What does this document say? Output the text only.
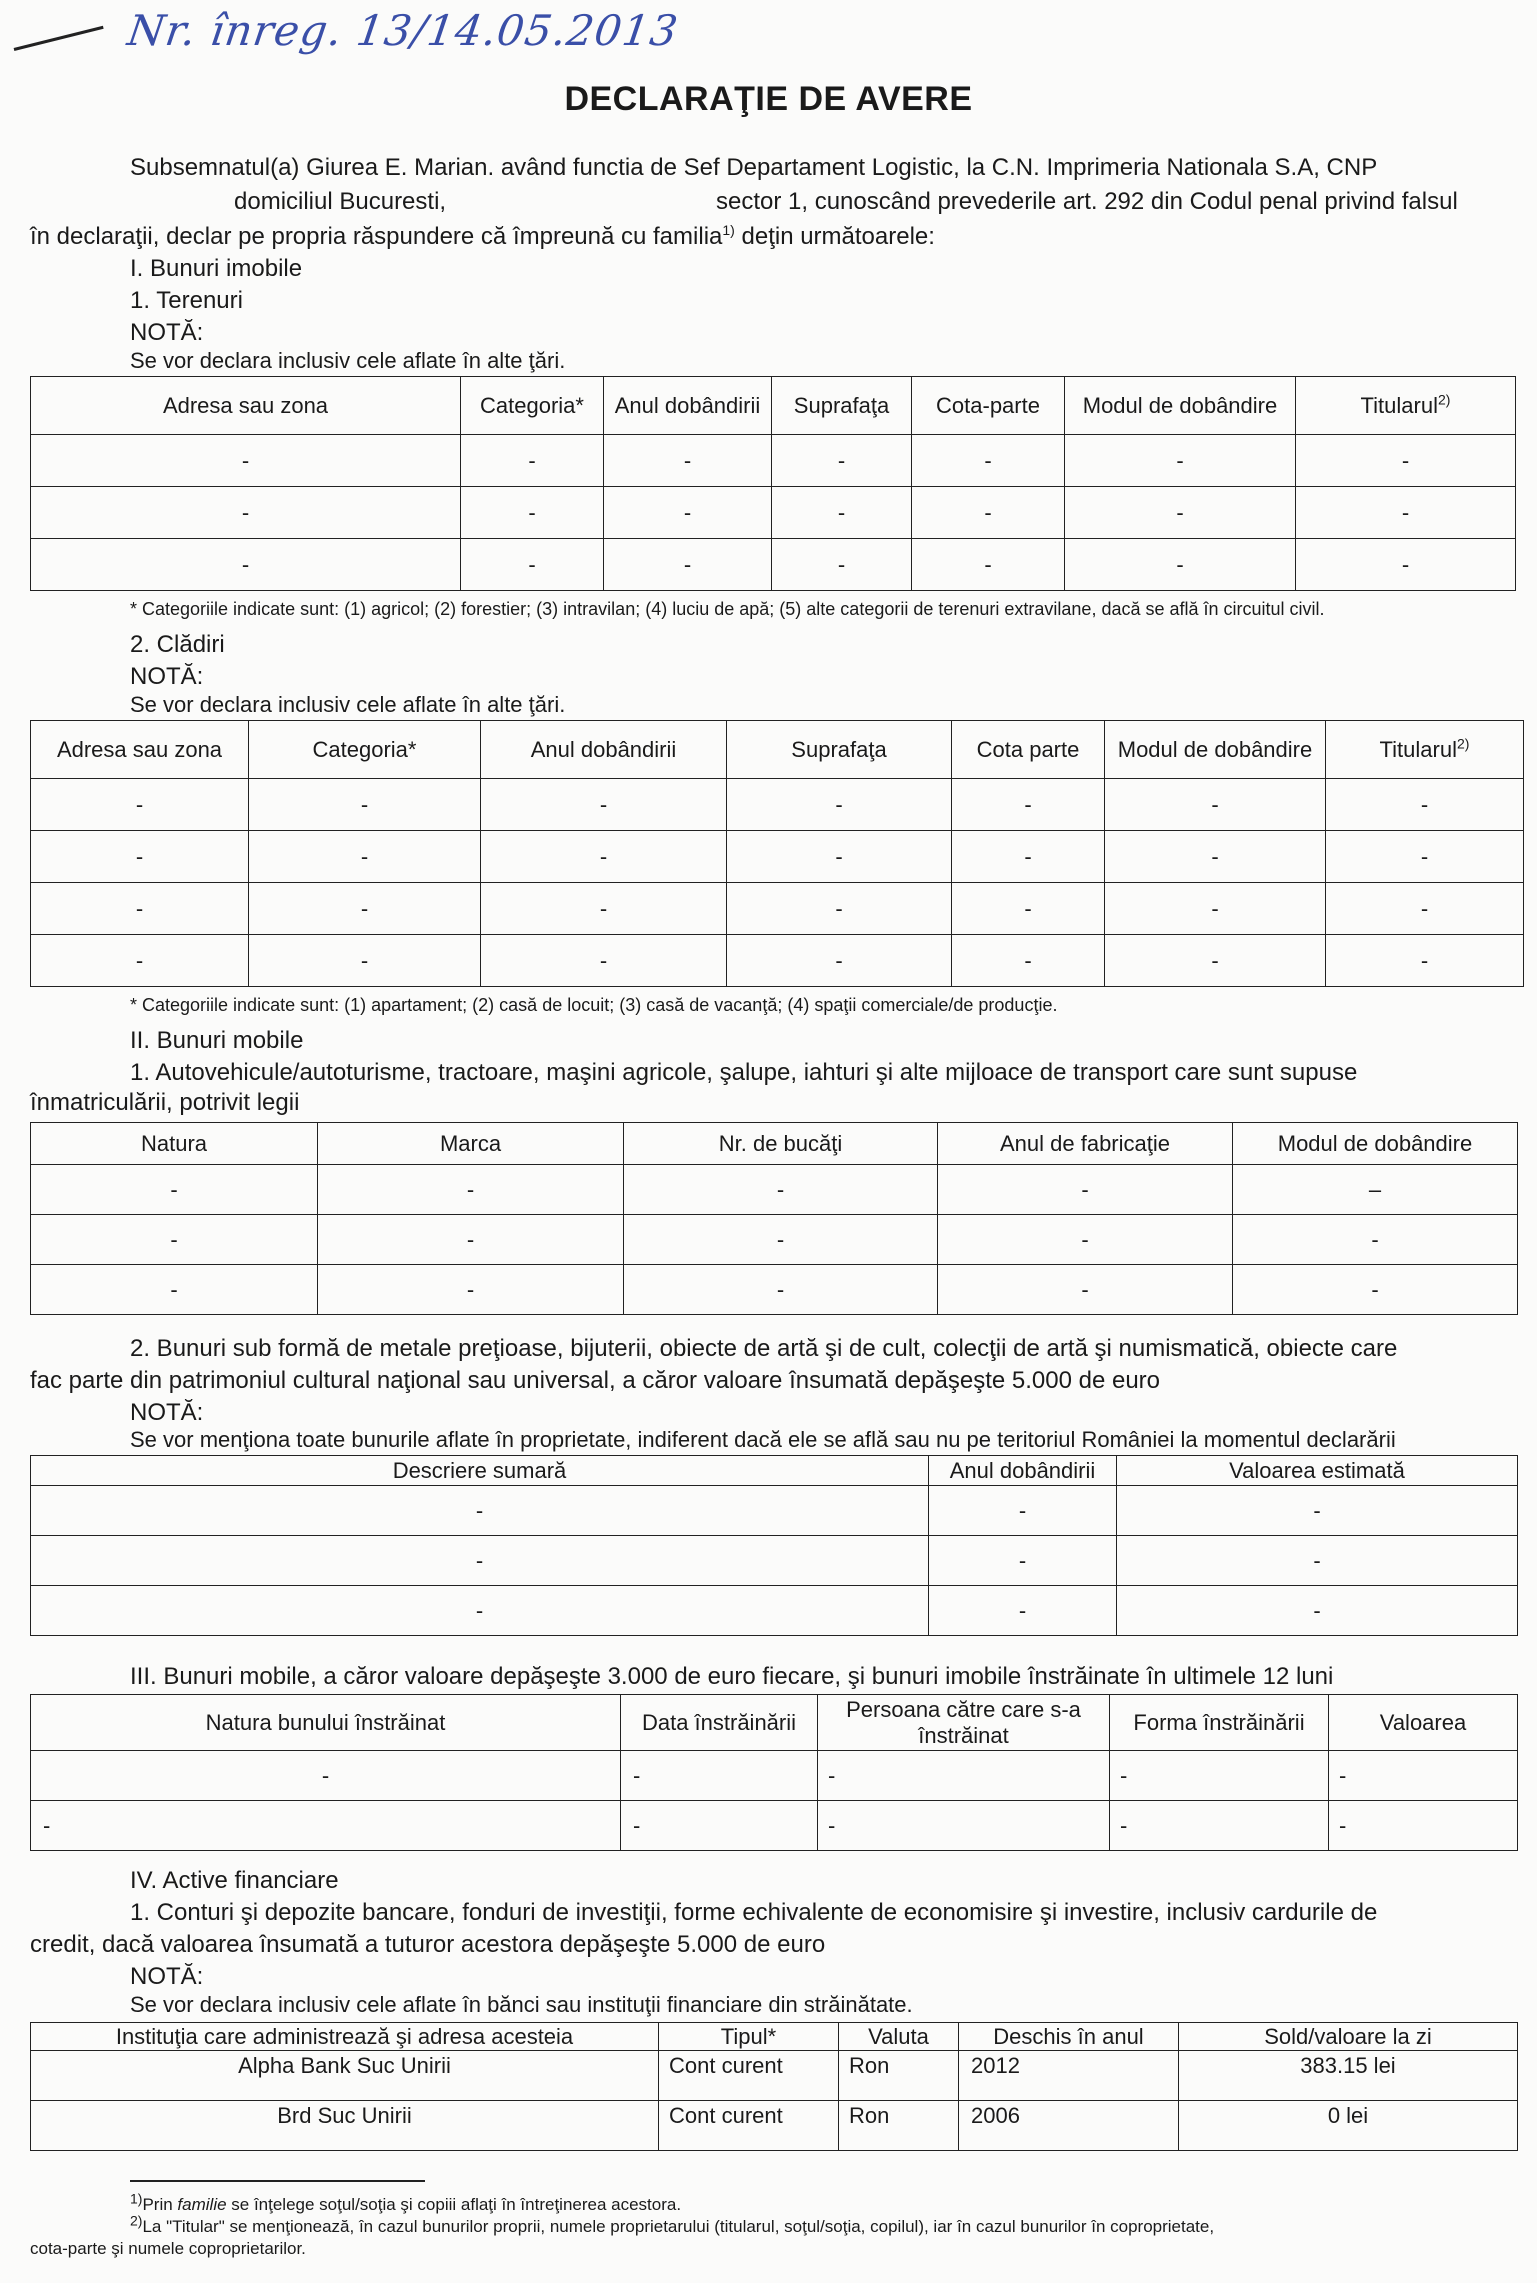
Nr. înreg. 13/14.05.2013
DECLARAŢIE DE AVERE
Subsemnatul(a) Giurea E. Marian. având functia de Sef Departament Logistic, la C.N. Imprimeria Nationala S.A, CNP
domiciliul Bucuresti,	sector 1, cunoscând prevederile art. 292 din Codul penal privind falsul
în declaraţii, declar pe propria răspundere că împreună cu familia$^{1)}$ deţin următoarele:
I. Bunuri imobile
1. Terenuri
NOTĂ:
Se vor declara inclusiv cele aflate în alte ţări.
Adresa sau zona	Categoria*	Anul dobândirii	Suprafaţa	Cota-parte	Modul de dobândire	Titularul$^{2)}$
-	-	-	-	-	-	-
-	-	-	-	-	-	-
-	-	-	-	-	-	-
* Categoriile indicate sunt: (1) agricol; (2) forestier; (3) intravilan; (4) luciu de apă; (5) alte categorii de terenuri extravilane, dacă se află în circuitul civil.
2. Clădiri
NOTĂ:
Se vor declara inclusiv cele aflate în alte ţări.
Adresa sau zona	Categoria*	Anul dobândirii	Suprafaţa	Cota parte	Modul de dobândire	Titularul$^{2)}$
-	-	-	-	-	-	-
-	-	-	-	-	-	-
-	-	-	-	-	-	-
-	-	-	-	-	-	-
* Categoriile indicate sunt: (1) apartament; (2) casă de locuit; (3) casă de vacanţă; (4) spaţii comerciale/de producţie.
II. Bunuri mobile
1. Autovehicule/autoturisme, tractoare, maşini agricole, şalupe, iahturi şi alte mijloace de transport care sunt supuse
înmatriculării, potrivit legii
Natura	Marca	Nr. de bucăţi	Anul de fabricaţie	Modul de dobândire
-	-	-	-	–
-	-	-	-	-
-	-	-	-	-
2. Bunuri sub formă de metale preţioase, bijuterii, obiecte de artă şi de cult, colecţii de artă şi numismatică, obiecte care
fac parte din patrimoniul cultural naţional sau universal, a căror valoare însumată depăşeşte 5.000 de euro
NOTĂ:
Se vor menţiona toate bunurile aflate în proprietate, indiferent dacă ele se află sau nu pe teritoriul României la momentul declarării
Descriere sumară	Anul dobândirii	Valoarea estimată
-	-	-
-	-	-
-	-	-
III. Bunuri mobile, a căror valoare depăşeşte 3.000 de euro fiecare, şi bunuri imobile înstrăinate în ultimele 12 luni
Natura bunului înstrăinat	Data înstrăinării	Persoana către care s-a înstrăinat	Forma înstrăinării	Valoarea
-	-	-	-	-
-	-	-	-	-
IV. Active financiare
1. Conturi şi depozite bancare, fonduri de investiţii, forme echivalente de economisire şi investire, inclusiv cardurile de
credit, dacă valoarea însumată a tuturor acestora depăşeşte 5.000 de euro
NOTĂ:
Se vor declara inclusiv cele aflate în bănci sau instituţii financiare din străinătate.
Instituţia care administrează şi adresa acesteia	Tipul*	Valuta	Deschis în anul	Sold/valoare la zi
Alpha Bank Suc Unirii	Cont curent	Ron	2012	383.15 lei
Brd Suc Unirii	Cont curent	Ron	2006	0 lei
$^{1)}$Prin familie se înţelege soţul/soţia şi copiii aflaţi în întreţinerea acestora.
$^{2)}$La "Titular" se menţionează, în cazul bunurilor proprii, numele proprietarului (titularul, soţul/soţia, copilul), iar în cazul bunurilor în coproprietate,
cota-parte şi numele coproprietarilor.
